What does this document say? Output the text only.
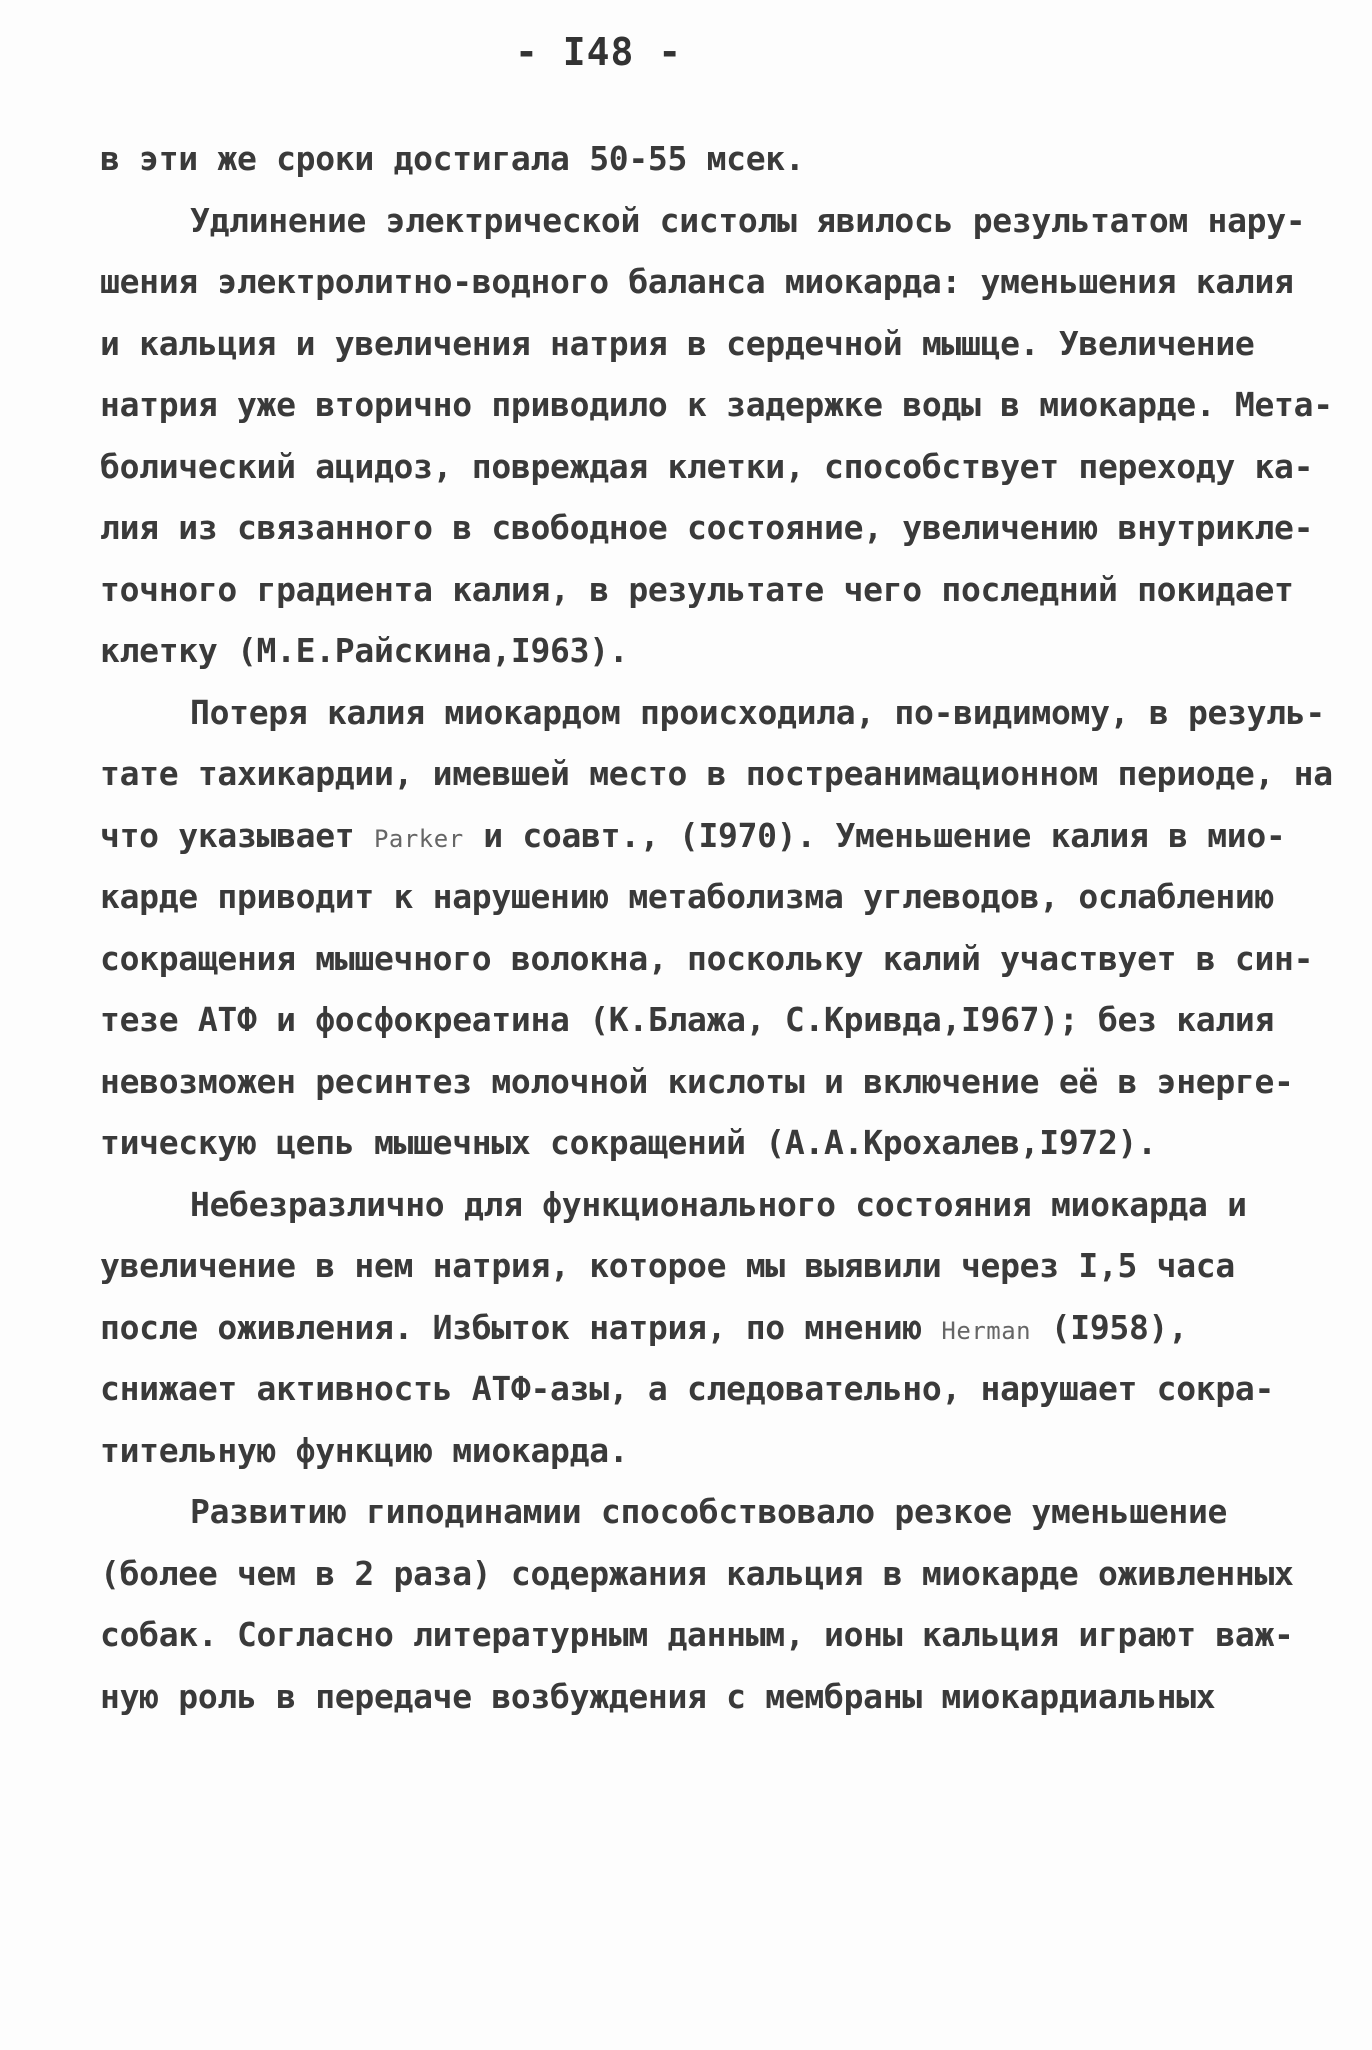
- I48 -
в эти же сроки достигала 50-55 мсек.
Удлинение электрической систолы явилось результатом нару-
шения электролитно-водного баланса миокарда: уменьшения калия
и кальция и увеличения натрия в сердечной мышце. Увеличение
натрия уже вторично приводило к задержке воды в миокарде. Мета-
болический ацидоз, повреждая клетки, способствует переходу ка-
лия из связанного в свободное состояние, увеличению внутрикле-
точного градиента калия, в результате чего последний покидает
клетку (М.Е.Райскина,I963).
Потеря калия миокардом происходила, по-видимому, в резуль-
тате тахикардии, имевшей место в постреанимационном периоде, на
что указывает Parker и соавт., (I970). Уменьшение калия в мио-
карде приводит к нарушению метаболизма углеводов, ослаблению
сокращения мышечного волокна, поскольку калий участвует в син-
тезе АТФ и фосфокреатина (К.Блажа, С.Кривда,I967); без калия
невозможен ресинтез молочной кислоты и включение её в энерге-
тическую цепь мышечных сокращений (А.А.Крохалев,I972).
Небезразлично для функционального состояния миокарда и
увеличение в нем натрия, которое мы выявили через I,5 часа
после оживления. Избыток натрия, по мнению Herman (I958),
снижает активность АТФ-азы, а следовательно, нарушает сокра-
тительную функцию миокарда.
Развитию гиподинамии способствовало резкое уменьшение
(более чем в 2 раза) содержания кальция в миокарде оживленных
собак. Согласно литературным данным, ионы кальция играют важ-
ную роль в передаче возбуждения с мембраны миокардиальных
